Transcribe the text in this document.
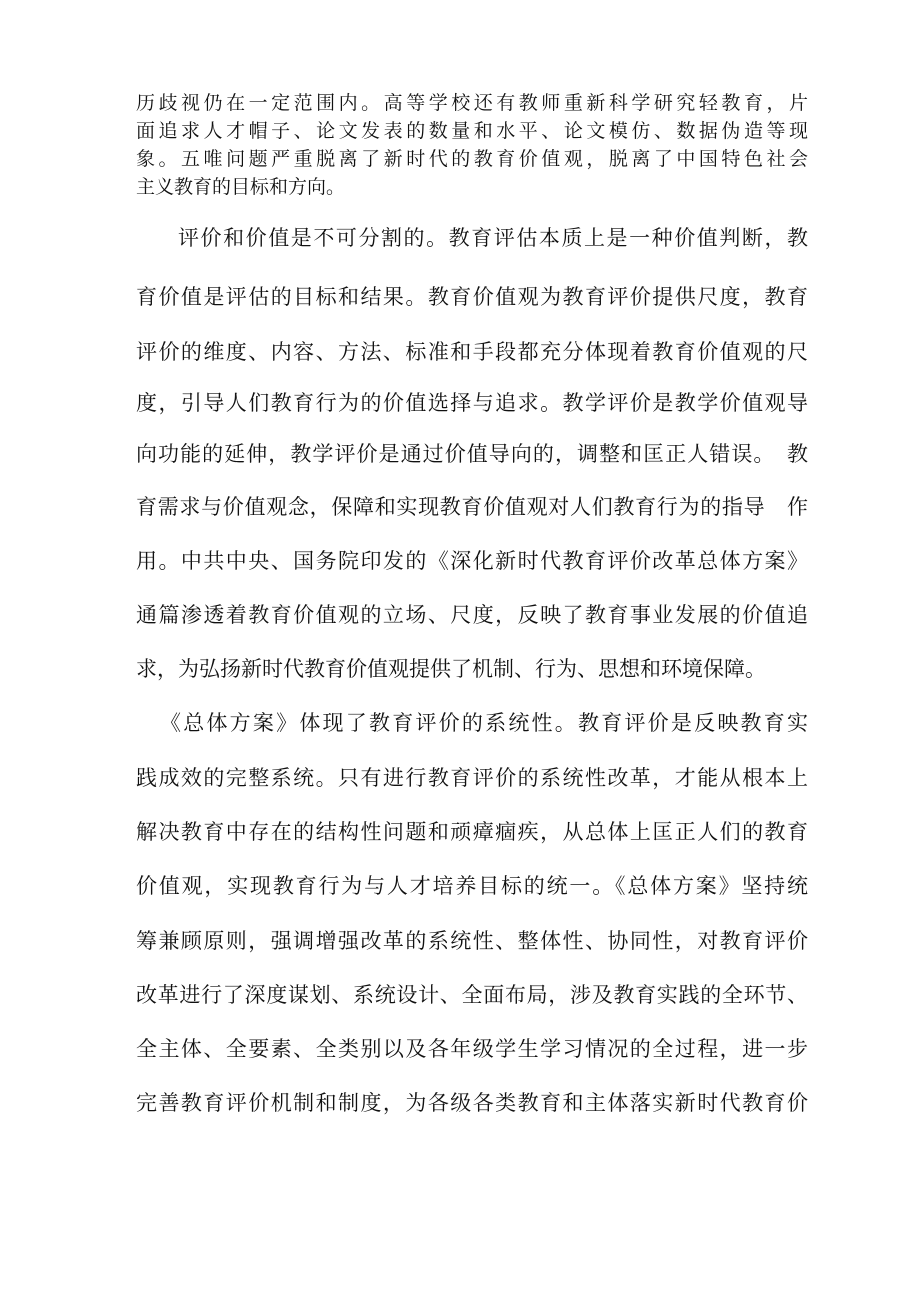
历歧视仍在一定范围内。高等学校还有教师重新科学研究轻教育，片

面追求人才帽子、论文发表的数量和水平、论文模仿、数据伪造等现

象。五唯问题严重脱离了新时代的教育价值观，脱离了中国特色社会

主义教育的目标和方向。

评价和价值是不可分割的。教育评估本质上是一种价值判断，教

育价值是评估的目标和结果。教育价值观为教育评价提供尺度，教育

评价的维度、内容、方法、标准和手段都充分体现着教育价值观的尺

度，引导人们教育行为的价值选择与追求。教学评价是教学价值观导

向功能的延伸，教学评价是通过价值导向的，调整和匡正人错误。　教

育需求与价值观念，保障和实现教育价值观对人们教育行为的指导　作

用。中共中央、国务院印发的《深化新时代教育评价改革总体方案》

通篇渗透着教育价值观的立场、尺度，反映了教育事业发展的价值追

求，为弘扬新时代教育价值观提供了机制、行为、思想和环境保障。

《总体方案》体现了教育评价的系统性。教育评价是反映教育实

践成效的完整系统。只有进行教育评价的系统性改革，才能从根本上

解决教育中存在的结构性问题和顽瘴痼疾，从总体上匡正人们的教育

价值观，实现教育行为与人才培养目标的统一。《总体方案》坚持统

筹兼顾原则，强调增强改革的系统性、整体性、协同性，对教育评价

改革进行了深度谋划、系统设计、全面布局，涉及教育实践的全环节、

全主体、全要素、全类别以及各年级学生学习情况的全过程，进一步

完善教育评价机制和制度，为各级各类教育和主体落实新时代教育价
